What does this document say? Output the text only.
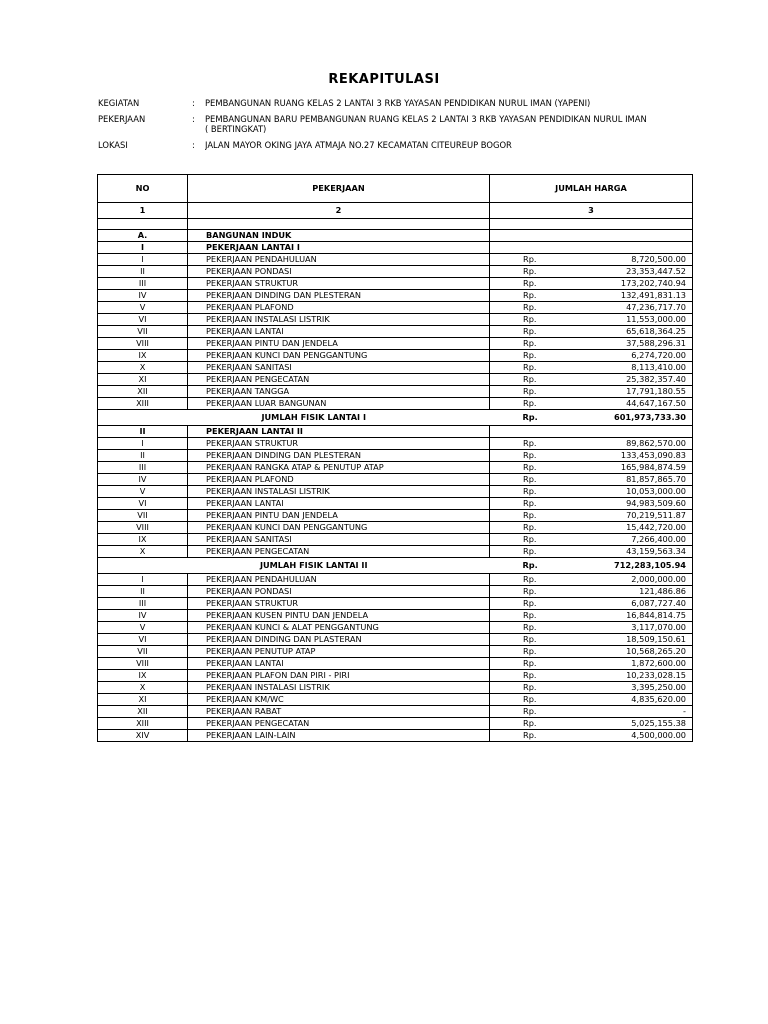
REKAPITULASI
KEGIATAN	: PEMBANGUNAN RUANG KELAS 2 LANTAI 3 RKB YAYASAN PENDIDIKAN NURUL IMAN (YAPENI)
PEKERJAAN	: PEMBANGUNAN BARU PEMBANGUNAN RUANG KELAS 2 LANTAI 3 RKB YAYASAN PENDIDIKAN NURUL IMAN
( BERTINGKAT)
LOKASI	: JALAN MAYOR OKING JAYA ATMAJA NO.27 KECAMATAN CITEUREUP BOGOR
NO	PEKERJAAN	JUMLAH HARGA
1	2	3

A.	BANGUNAN INDUK	
I	PEKERJAAN LANTAI I	
I	PEKERJAAN PENDAHULUAN	Rp. 8,720,500.00

II	PEKERJAAN PONDASI	Rp. 23,353,447.52

III	PEKERJAAN STRUKTUR	Rp. 173,202,740.94

IV	PEKERJAAN DINDING DAN PLESTERAN	Rp. 132,491,831.13

V	PEKERJAAN PLAFOND	Rp. 47,236,717.70

VI	PEKERJAAN INSTALASI LISTRIK	Rp. 11,553,000.00

VII	PEKERJAAN LANTAI	Rp. 65,618,364.25

VIII	PEKERJAAN PINTU DAN JENDELA	Rp. 37,588,296.31

IX	PEKERJAAN KUNCI DAN PENGGANTUNG	Rp. 6,274,720.00

X	PEKERJAAN SANITASI	Rp. 8,113,410.00

XI	PEKERJAAN PENGECATAN	Rp. 25,382,357.40

XII	PEKERJAAN TANGGA	Rp. 17,791,180.55

XIII	PEKERJAAN LUAR BANGUNAN	Rp. 44,647,167.50

JUMLAH FISIK LANTAI I		Rp. 601,973,733.30

II	PEKERJAAN LANTAI II	
I	PEKERJAAN STRUKTUR	Rp. 89,862,570.00

II	PEKERJAAN DINDING DAN PLESTERAN	Rp. 133,453,090.83

III	PEKERJAAN RANGKA ATAP & PENUTUP ATAP	Rp. 165,984,874.59

IV	PEKERJAAN PLAFOND	Rp. 81,857,865.70

V	PEKERJAAN INSTALASI LISTRIK	Rp. 10,053,000.00

VI	PEKERJAAN LANTAI	Rp. 94,983,509.60

VII	PEKERJAAN PINTU DAN JENDELA	Rp. 70,219,511.87

VIII	PEKERJAAN KUNCI DAN PENGGANTUNG	Rp. 15,442,720.00

IX	PEKERJAAN SANITASI	Rp. 7,266,400.00

X	PEKERJAAN PENGECATAN	Rp. 43,159,563.34

JUMLAH FISIK LANTAI II		Rp. 712,283,105.94

I	PEKERJAAN PENDAHULUAN	Rp. 2,000,000.00

II	PEKERJAAN PONDASI	Rp. 121,486.86

III	PEKERJAAN STRUKTUR	Rp. 6,087,727.40

IV	PEKERJAAN KUSEN PINTU DAN JENDELA	Rp. 16,844,814.75

V	PEKERJAAN KUNCI & ALAT PENGGANTUNG	Rp. 3,117,070.00

VI	PEKERJAAN DINDING DAN PLASTERAN	Rp. 18,509,150.61

VII	PEKERJAAN PENUTUP ATAP	Rp. 10,568,265.20

VIII	PEKERJAAN LANTAI	Rp. 1,872,600.00

IX	PEKERJAAN PLAFON DAN PIRI - PIRI	Rp. 10,233,028.15

X	PEKERJAAN INSTALASI LISTRIK	Rp. 3,395,250.00

XI	PEKERJAAN KM/WC	Rp. 4,835,620.00

XII	PEKERJAAN RABAT	Rp. -

XIII	PEKERJAAN PENGECATAN	Rp. 5,025,155.38

XIV	PEKERJAAN LAIN-LAIN	Rp. 4,500,000.00
